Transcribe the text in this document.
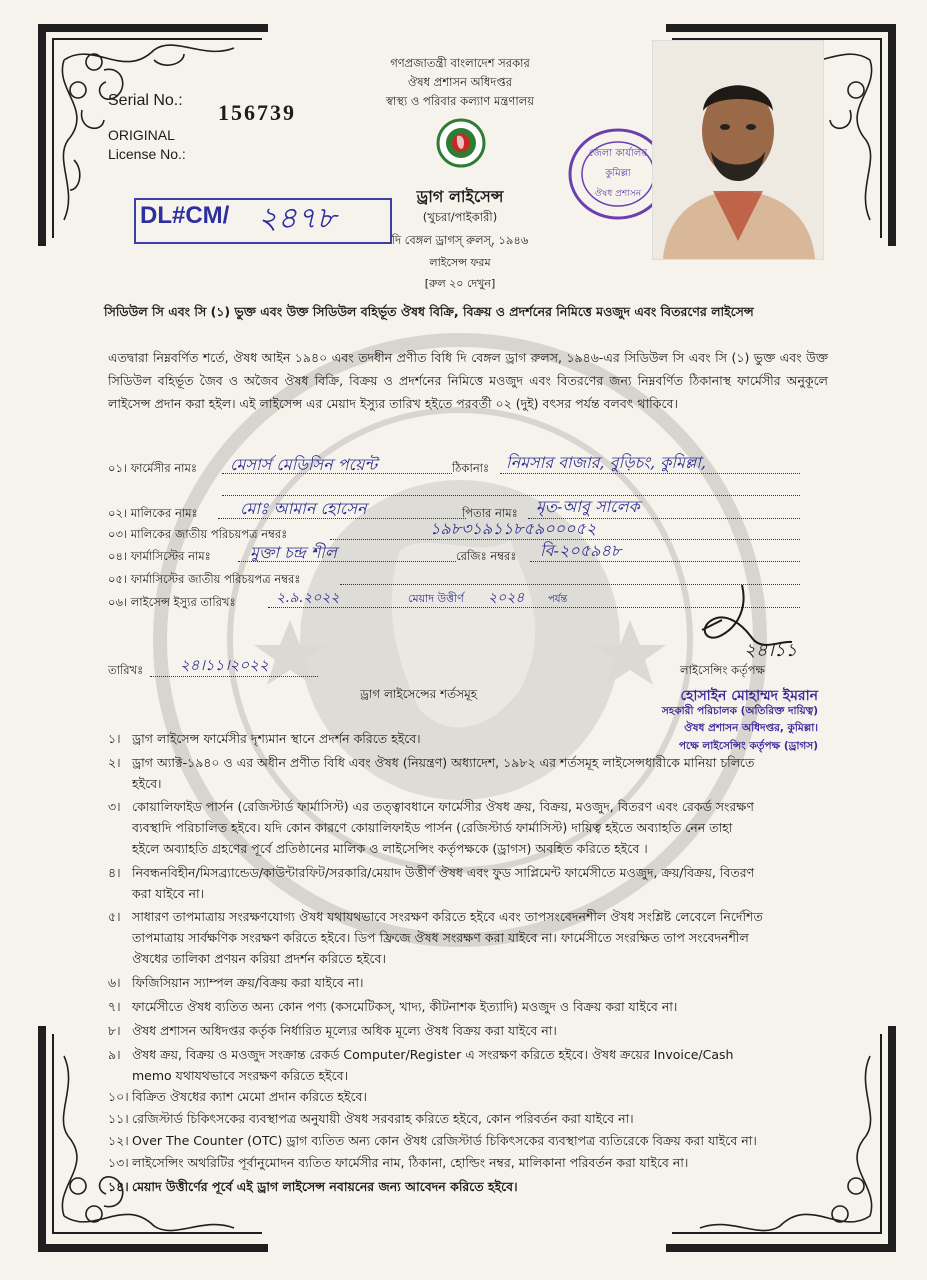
গণপ্রজাতন্ত্রী বাংলাদেশ সরকার
ঔষধ প্রশাসন অধিদপ্তর
স্বাস্থ্য ও পরিবার কল্যাণ মন্ত্রণালয়
Serial No.: 156739
ORIGINAL
License No.:
DL#CM/ ২৪৭৮
ড্রাগ লাইসেন্স
(খুচরা/পাইকারী)
দি বেঙ্গল ড্রাগস্ রুলস্, ১৯৪৬
লাইসেন্স ফরম
[রুল ২০ দেখুন]
জেলা কার্যালয়
কুমিল্লা
ঔষধ প্রশাসন
সিডিউল সি এবং সি (১) ভুক্ত এবং উক্ত সিডিউল বহির্ভূত ঔষধ বিক্রি, বিক্রয় ও প্রদর্শনের নিমিত্তে মওজুদ এবং বিতরণের লাইসেন্স
এতদ্বারা নিম্নবর্ণিত শর্তে, ঔষধ আইন ১৯৪০ এবং তদধীন প্রণীত বিধি দি বেঙ্গল ড্রাগ রুলস, ১৯৪৬-এর সিডিউল সি এবং সি (১) ভুক্ত এবং উক্ত সিডিউল বহির্ভূত জৈব ও অজৈব ঔষধ বিক্রি, বিক্রয় ও প্রদর্শনের নিমিত্তে মওজুদ এবং বিতরণের জন্য নিম্নবর্ণিত ঠিকানাস্থ ফার্মেসীর অনুকূলে লাইসেন্স প্রদান করা হইল। এই লাইসেন্স এর মেয়াদ ইস্যুর তারিখ হইতে পরবর্তী ০২ (দুই) বৎসর পর্যন্ত বলবৎ থাকিবে।
০১। ফার্মেসীর নামঃ মেসার্স মেডিসিন পয়েন্ট	ঠিকানাঃ নিমসার বাজার, বুড়িচং, কুমিল্লা,
০২। মালিকের নামঃ	মোঃ আমান হোসেন	পিতার নামঃ মৃত-আবু সালেক
০৩। মালিকের জাতীয় পরিচয়পত্র নম্বরঃ	১৯৮৩১৯১১৮৫৯০০০৫২
০৪। ফার্মাসিস্টের নামঃ মুক্তা চন্দ্র শীল	রেজিঃ নম্বরঃ বি-২০৫৯৪৮
০৫। ফার্মাসিস্টের জাতীয় পরিচয়পত্র নম্বরঃ
০৬। লাইসেন্স ইস্যুর তারিখঃ	২.৯.২০২২	মেয়াদ উত্তীর্ণ ২০২৪ পর্যন্ত
তারিখঃ ২৪।১১।২০২২
২৪।১১
লাইসেন্সিং কর্তৃপক্ষ
হোসাইন মোহাম্মদ ইমরান
সহকারী পরিচালক (অতিরিক্ত দায়িত্ব)
ঔষধ প্রশাসন অধিদপ্তর, কুমিল্লা।
পক্ষে লাইসেন্সিং কর্তৃপক্ষ (ড্রাগস)
ড্রাগ লাইসেন্সের শর্তসমূহ
১। ড্রাগ লাইসেন্স ফার্মেসীর দৃশ্যমান স্থানে প্রদর্শন করিতে হইবে।
২। ড্রাগ অ্যাক্ট-১৯৪০ ও এর অধীন প্রণীত বিধি এবং ঔষধ (নিয়ন্ত্রণ) অধ্যাদেশ, ১৯৮২ এর শর্তসমূহ লাইসেন্সধারীকে মানিয়া চলিতে
হইবে।
৩। কোয়ালিফাইড পার্সন (রেজিস্টার্ড ফার্মাসিস্ট) এর তত্ত্বাবধানে ফার্মেসীর ঔষধ ক্রয়, বিক্রয়, মওজুদ, বিতরণ এবং রেকর্ড সংরক্ষণ
ব্যবস্থাদি পরিচালিত হইবে। যদি কোন কারণে কোয়ালিফাইড পার্সন (রেজিস্টার্ড ফার্মাসিস্ট) দায়িত্ব হইতে অব্যাহতি নেন তাহা
হইলে অব্যাহতি গ্রহণের পূর্বে প্রতিষ্ঠানের মালিক ও লাইসেন্সিং কর্তৃপক্ষকে (ড্রাগস) অবহিত করিতে হইবে ।
৪। নিবন্ধনবিহীন/মিসব্র্যান্ডেড/কাউন্টারফিট/সরকারি/মেয়াদ উত্তীর্ণ ঔষধ এবং ফুড সাপ্লিমেন্ট ফার্মেসীতে মওজুদ, ক্রয়/বিক্রয়, বিতরণ
করা যাইবে না।
৫। সাধারণ তাপমাত্রায় সংরক্ষণযোগ্য ঔষধ যথাযথভাবে সংরক্ষণ করিতে হইবে এবং তাপসংবেদনশীল ঔষধ সংশ্লিষ্ট লেবেলে নির্দেশিত
তাপমাত্রায় সার্বক্ষণিক সংরক্ষণ করিতে হইবে। ডিপ ফ্রিজে ঔষধ সংরক্ষণ করা যাইবে না। ফার্মেসীতে সংরক্ষিত তাপ সংবেদনশীল
ঔষধের তালিকা প্রণয়ন করিয়া প্রদর্শন করিতে হইবে।
৬। ফিজিসিয়ান স্যাম্পল ক্রয়/বিক্রয় করা যাইবে না।
৭। ফার্মেসীতে ঔষধ ব্যতিত অন্য কোন পণ্য (কসমেটিকস্, খাদ্য, কীটনাশক ইত্যাদি) মওজুদ ও বিক্রয় করা যাইবে না।
৮। ঔষধ প্রশাসন অধিদপ্তর কর্তৃক নির্ধারিত মূল্যের অধিক মূল্যে ঔষধ বিক্রয় করা যাইবে না।
৯। ঔষধ ক্রয়, বিক্রয় ও মওজুদ সংক্রান্ত রেকর্ড Computer/Register এ সংরক্ষণ করিতে হইবে। ঔষধ ক্রয়ের Invoice/Cash
memo যথাযথভাবে সংরক্ষণ করিতে হইবে।
১০। বিক্রিত ঔষধের ক্যাশ মেমো প্রদান করিতে হইবে।
১১। রেজিস্টার্ড চিকিৎসকের ব্যবস্থাপত্র অনুযায়ী ঔষধ সরবরাহ করিতে হইবে, কোন পরিবর্তন করা যাইবে না।
১২। Over The Counter (OTC) ড্রাগ ব্যতিত অন্য কোন ঔষধ রেজিস্টার্ড চিকিৎসকের ব্যবস্থাপত্র ব্যতিরেকে বিক্রয় করা যাইবে না।
১৩। লাইসেন্সিং অথরিটির পূর্বানুমোদন ব্যতিত ফার্মেসীর নাম, ঠিকানা, হোল্ডিং নম্বর, মালিকানা পরিবর্তন করা যাইবে না।
১৪। মেয়াদ উত্তীর্ণের পূর্বে এই ড্রাগ লাইসেন্স নবায়নের জন্য আবেদন করিতে হইবে।
